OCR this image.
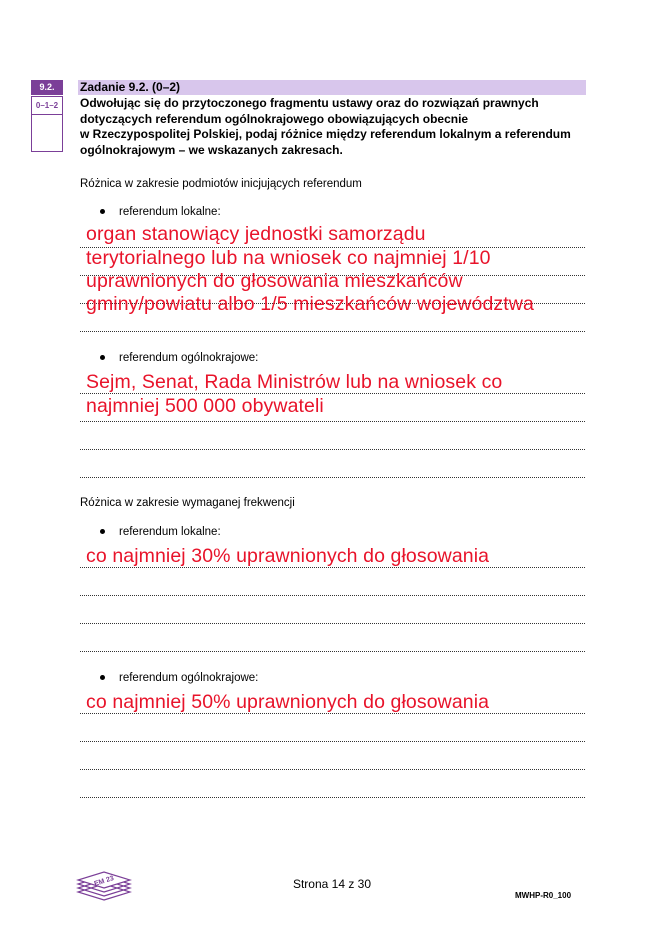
9.2.
0–1–2
Zadanie 9.2. (0–2)
Odwołując się do przytoczonego fragmentu ustawy oraz do rozwiązań prawnych
dotyczących referendum ogólnokrajowego obowiązujących obecnie
w Rzeczypospolitej Polskiej, podaj różnice między referendum lokalnym a referendum
ogólnokrajowym – we wskazanych zakresach.
Różnica w zakresie podmiotów inicjujących referendum
referendum lokalne:
organ stanowiący jednostki samorządu
terytorialnego lub na wniosek co najmniej 1/10
uprawnionych do głosowania mieszkańców
gminy/powiatu albo 1/5 mieszkańców województwa
referendum ogólnokrajowe:
Sejm, Senat, Rada Ministrów lub na wniosek co
najmniej 500 000 obywateli
Różnica w zakresie wymaganej frekwencji
referendum lokalne:
co najmniej 30% uprawnionych do głosowania
referendum ogólnokrajowe:
co najmniej 50% uprawnionych do głosowania
EM 23	Strona 14 z 30
MWHP-R0_100
